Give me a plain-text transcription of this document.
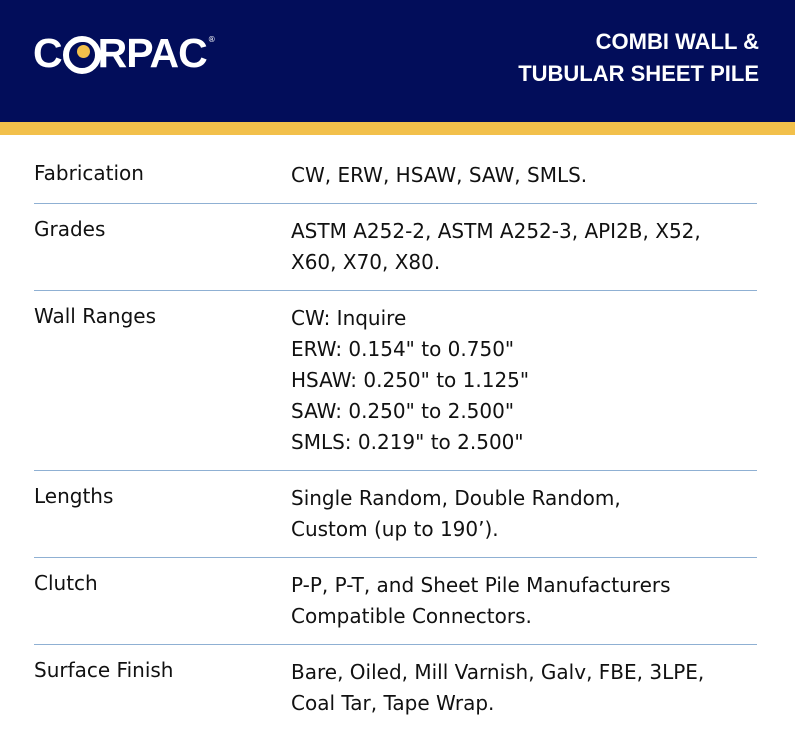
C RPAC ®	COMBI WALL &
TUBULAR SHEET PILE
Fabrication	CW, ERW, HSAW, SAW, SMLS.
Grades	ASTM A252-2, ASTM A252-3, API2B, X52,
X60, X70, X80.
Wall Ranges	CW: Inquire
ERW: 0.154" to 0.750"
HSAW: 0.250" to 1.125"
SAW: 0.250" to 2.500"
SMLS: 0.219" to 2.500"
Lengths	Single Random, Double Random,
Custom (up to 190’).
Clutch	P-P, P-T, and Sheet Pile Manufacturers
Compatible Connectors.
Surface Finish	Bare, Oiled, Mill Varnish, Galv, FBE, 3LPE,
Coal Tar, Tape Wrap.
